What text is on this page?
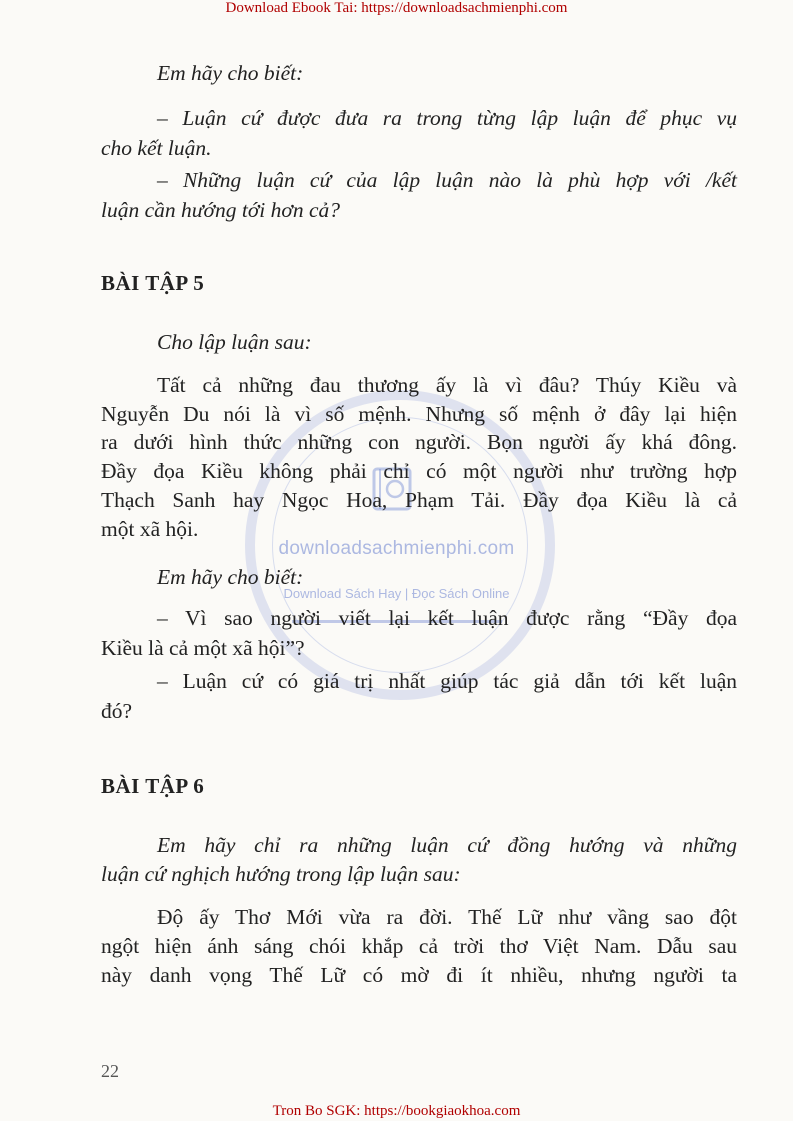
Download Ebook Tai: https://downloadsachmienphi.com
downloadsachmienphi.com
Download Sách Hay | Đọc Sách Online
Em hãy cho biết:
– Luận cứ được đưa ra trong từng lập luận để phục vụ
cho kết luận.
– Những luận cứ của lập luận nào là phù hợp với /kết
luận cần hướng tới hơn cả?
BÀI TẬP 5
Cho lập luận sau:
Tất cả những đau thương ấy là vì đâu? Thúy Kiều và
Nguyễn Du nói là vì số mệnh. Nhưng số mệnh ở đây lại hiện
ra dưới hình thức những con người. Bọn người ấy khá đông.
Đầy đọa Kiều không phải chỉ có một người như trường hợp
Thạch Sanh hay Ngọc Hoa, Phạm Tải. Đầy đọa Kiều là cả
một xã hội.
Em hãy cho biết:
– Vì sao người viết lại kết luận được rằng “Đầy đọa
Kiều là cả một xã hội”?
– Luận cứ có giá trị nhất giúp tác giả dẫn tới kết luận
đó?
BÀI TẬP 6
Em hãy chỉ ra những luận cứ đồng hướng và những
luận cứ nghịch hướng trong lập luận sau:
Độ ấy Thơ Mới vừa ra đời. Thế Lữ như vầng sao đột
ngột hiện ánh sáng chói khắp cả trời thơ Việt Nam. Dẫu sau
này danh vọng Thế Lữ có mờ đi ít nhiều, nhưng người ta
22
Tron Bo SGK: https://bookgiaokhoa.com
